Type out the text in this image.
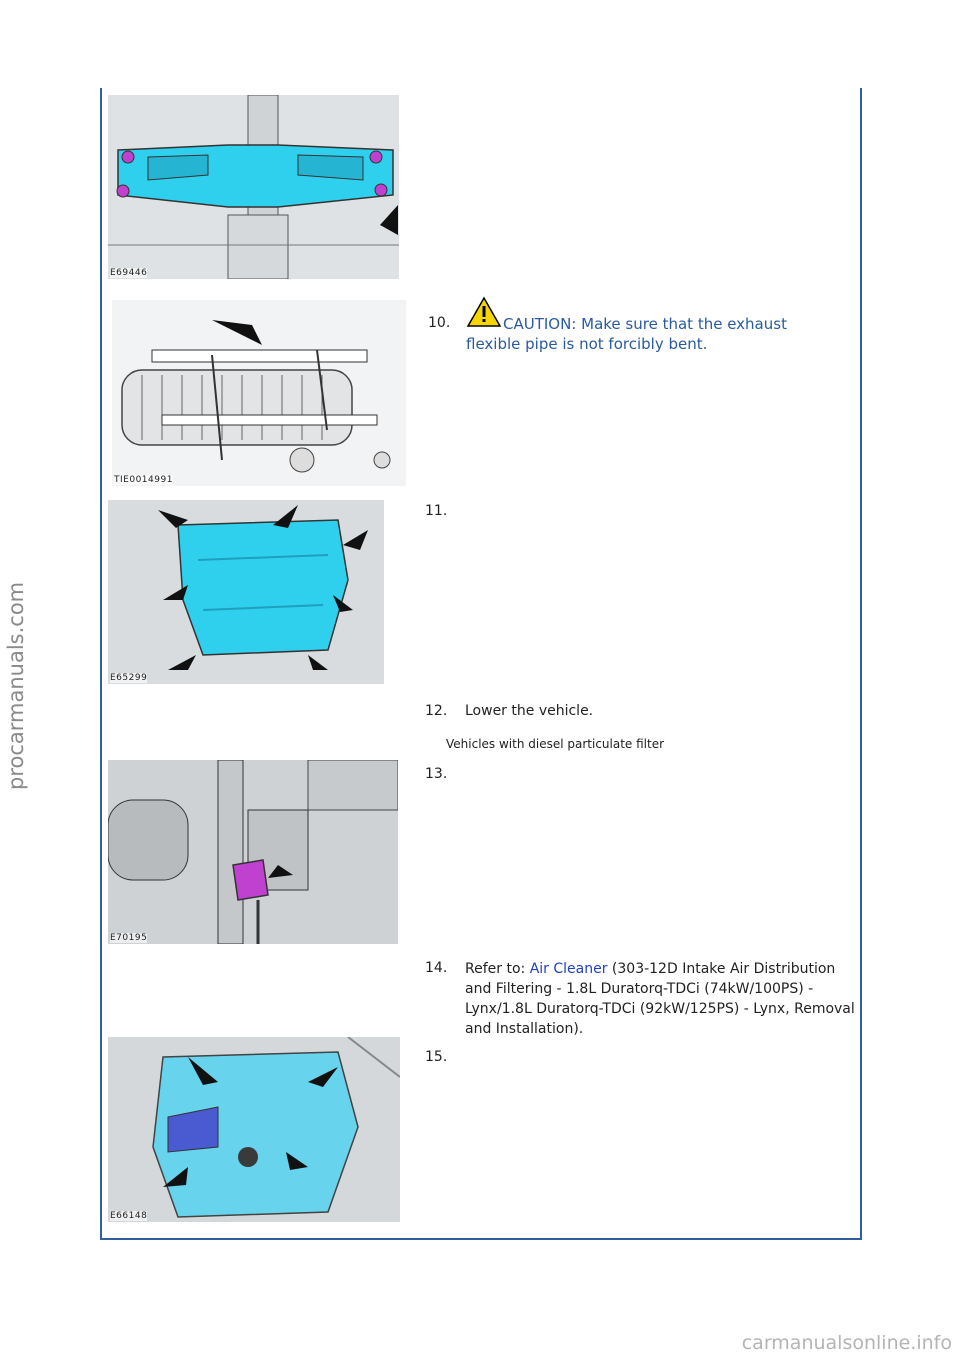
E69446
TIE0014991
E65299
E70195
E66148
10.	CAUTION: Make sure that the exhaust flexible pipe is not forcibly bent.
11.
12. Lower the vehicle.
Vehicles with diesel particulate filter
13.
14. Refer to: Air Cleaner (303-12D Intake Air Distribution and Filtering - 1.8L Duratorq-TDCi (74kW/100PS) - Lynx/1.8L Duratorq-TDCi (92kW/125PS) - Lynx, Removal and Installation).
15.
procarmanuals.com
carmanualsonline.info
